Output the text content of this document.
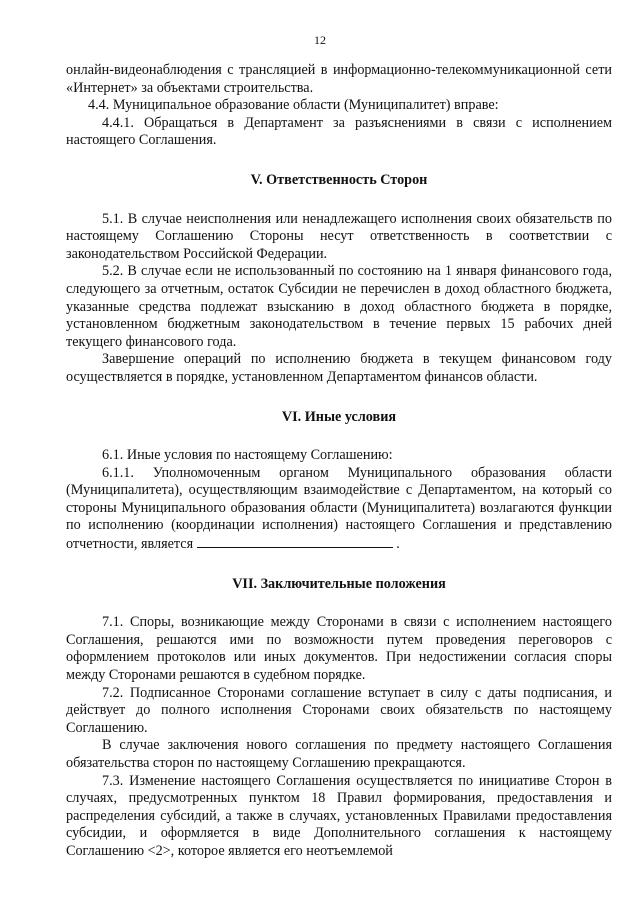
12

онлайн-видеонаблюдения с трансляцией в информационно-телекоммуникационной сети «Интернет» за объектами строительства.

4.4. Муниципальное образование области (Муниципалитет) вправе:

4.4.1. Обращаться в Департамент за разъяснениями в связи с исполнением настоящего Соглашения.

V. Ответственность Сторон

5.1. В случае неисполнения или ненадлежащего исполнения своих обязательств по настоящему Соглашению Стороны несут ответственность в соответствии с законодательством Российской Федерации.

5.2. В случае если не использованный по состоянию на 1 января финансового года, следующего за отчетным, остаток Субсидии не перечислен в доход областного бюджета, указанные средства подлежат взысканию в доход областного бюджета в порядке, установленном бюджетным законодательством в течение первых 15 рабочих дней текущего финансового года.

Завершение операций по исполнению бюджета в текущем финансовом году осуществляется в порядке, установленном Департаментом финансов области.

VI. Иные условия

6.1. Иные условия по настоящему Соглашению:

6.1.1. Уполномоченным органом Муниципального образования области (Муниципалитета), осуществляющим взаимодействие с Департаментом, на который со стороны Муниципального образования области (Муниципалитета) возлагаются функции по исполнению (координации исполнения) настоящего Соглашения и представлению отчетности, является	.

VII. Заключительные положения

7.1. Споры, возникающие между Сторонами в связи с исполнением настоящего Соглашения, решаются ими по возможности путем проведения переговоров с оформлением протоколов или иных документов. При недостижении согласия споры между Сторонами решаются в судебном порядке.

7.2. Подписанное Сторонами соглашение вступает в силу с даты подписания, и действует до полного исполнения Сторонами своих обязательств по настоящему Соглашению.

В случае заключения нового соглашения по предмету настоящего Соглашения обязательства сторон по настоящему Соглашению прекращаются.

7.3. Изменение настоящего Соглашения осуществляется по инициативе Сторон в случаях, предусмотренных пунктом 18 Правил формирования, предоставления и распределения субсидий, а также в случаях, установленных Правилами предоставления субсидии, и оформляется в виде Дополнительного соглашения к настоящему Соглашению <2>, которое является его неотъемлемой
